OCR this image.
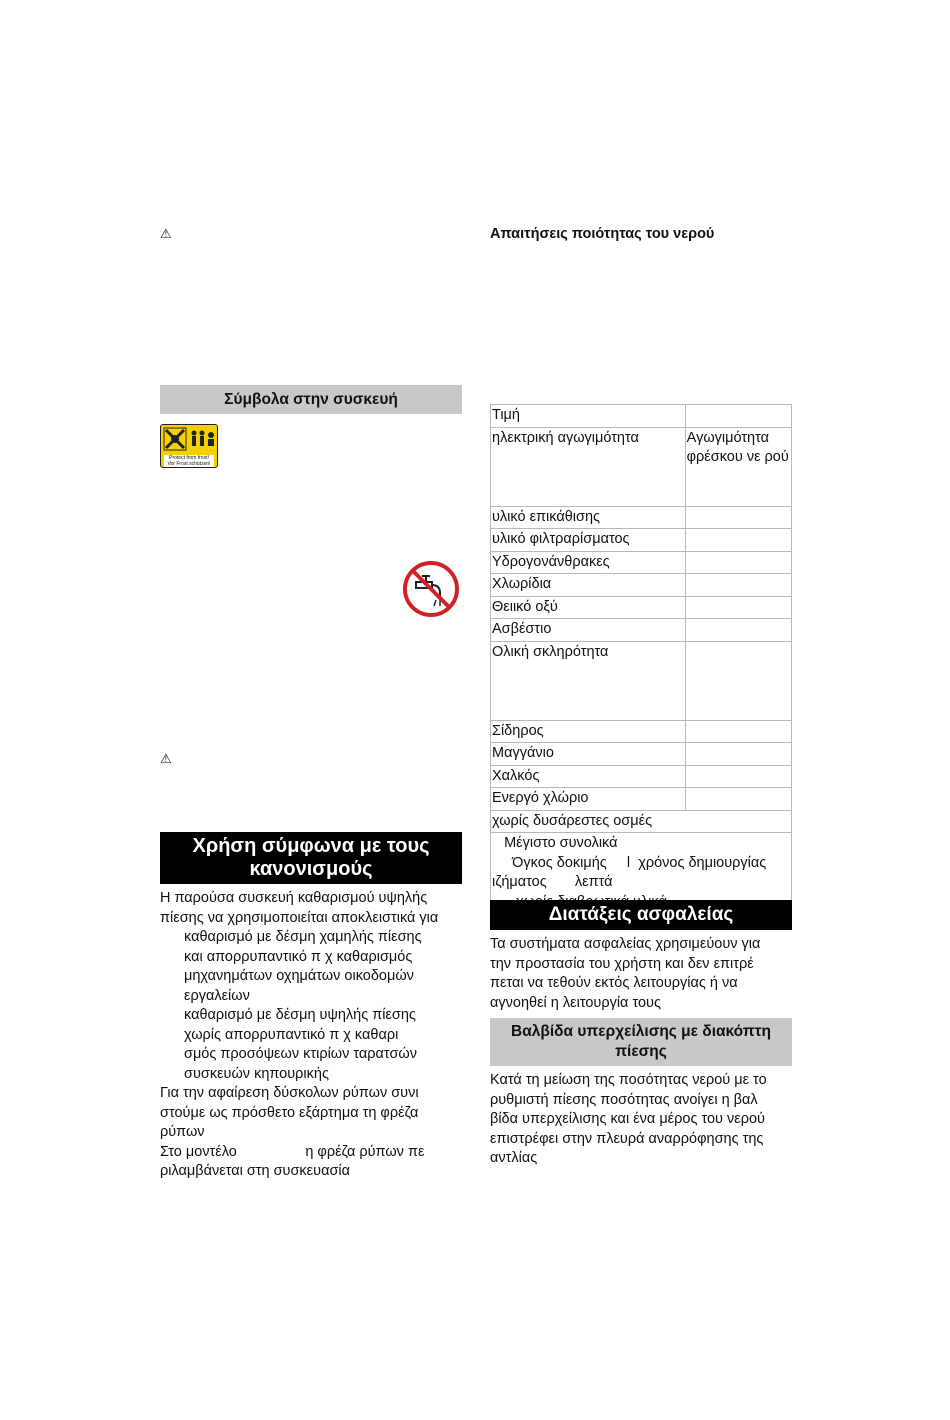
⚠
Σύμβολα στην συσκευή
Protect from frost!
Vor Frost schützen!
⚠
Χρήση σύμφωνα με τους κανονισμούς

Η παρούσα συσκευή καθαρισμού υψηλής

πίεσης να χρησιμοποιείται αποκλειστικά για

καθαρισμό με δέσμη χαμηλής πίεσης

και απορρυπαντικό π χ καθαρισμός

μηχανημάτων οχημάτων οικοδομών

εργαλείων

καθαρισμό με δέσμη υψηλής πίεσης

χωρίς απορρυπαντικό π χ καθαρι

σμός προσόψεων κτιρίων ταρατσών

συσκευών κηπουρικής

Για την αφαίρεση δύσκολων ρύπων συνι

στούμε ως πρόσθετο εξάρτημα τη φρέζα

ρύπων

Στο μοντέλο                 η φρέζα ρύπων πε

ριλαμβάνεται στη συσκευασία

Απαιτήσεις ποιότητας του νερού
Τιμή	
ηλεκτρική αγωγιμότητα	Αγωγιμότητα φρέσκου νε ρού
υλικό επικάθισης	
υλικό φιλτραρίσματος	
Υδρογονάνθρακες	
Χλωρίδια	
Θειικό οξύ	
Ασβέστιο	
Ολική σκληρότητα	
Σίδηρος	
Μαγγάνιο	
Χαλκός	
Ενεργό χλώριο	
χωρίς δυσάρεστες οσμές	

Μέγιστο συνολικά
Όγκος δοκιμής     l  χρόνος δημιουργίας
ιζήματος       λεπτά	
Διατάξεις ασφαλείας

Τα συστήματα ασφαλείας χρησιμεύουν για

την προστασία του χρήστη και δεν επιτρέ

πεται να τεθούν εκτός λειτουργίας ή να

αγνοηθεί η λειτουργία τους

Βαλβίδα υπερχείλισης με διακόπτη πίεσης

Κατά τη μείωση της ποσότητας νερού με το

ρυθμιστή πίεσης ποσότητας ανοίγει η βαλ

βίδα υπερχείλισης και ένα μέρος του νερού

επιστρέφει στην πλευρά αναρρόφησης της

αντλίας
